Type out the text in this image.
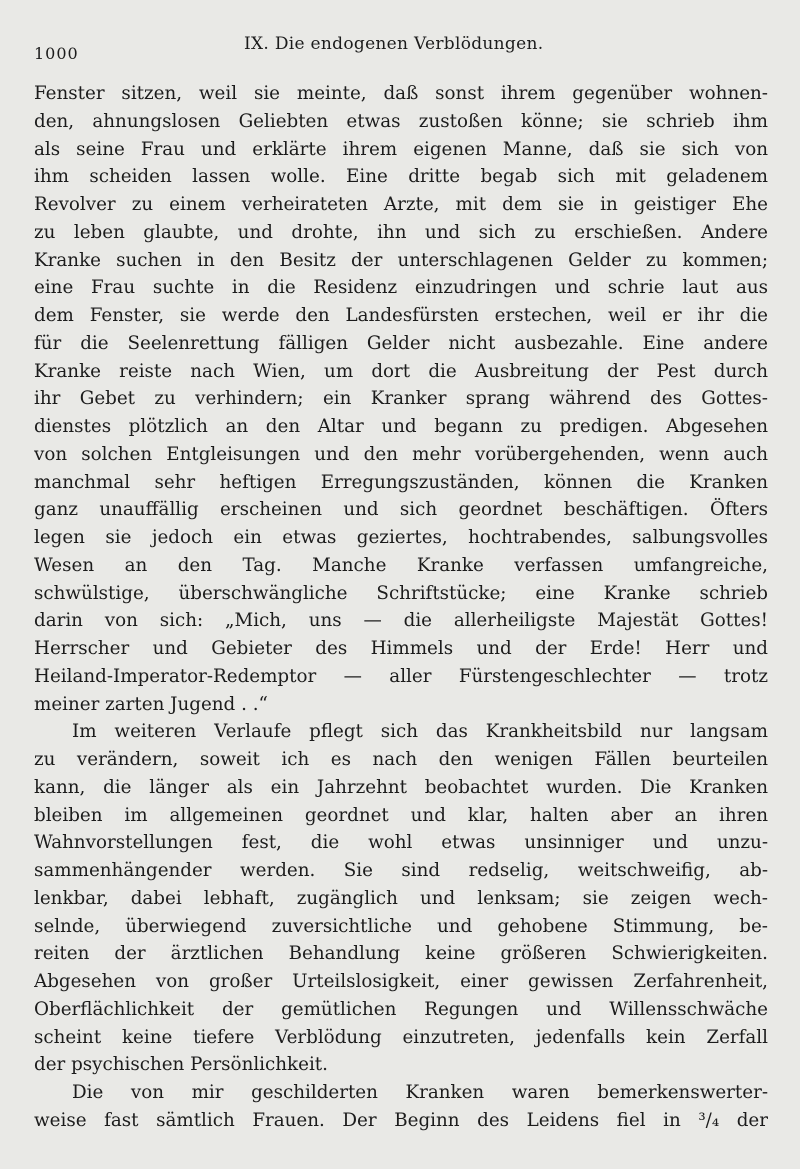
1000	IX. Die endogenen Verblödungen.
Fenster sitzen, weil sie meinte, daß sonst ihrem gegenüber wohnen-
den, ahnungslosen Geliebten etwas zustoßen könne; sie schrieb ihm
als seine Frau und erklärte ihrem eigenen Manne, daß sie sich von
ihm scheiden lassen wolle. Eine dritte begab sich mit geladenem
Revolver zu einem verheirateten Arzte, mit dem sie in geistiger Ehe
zu leben glaubte, und drohte, ihn und sich zu erschießen. Andere
Kranke suchen in den Besitz der unterschlagenen Gelder zu kommen;
eine Frau suchte in die Residenz einzudringen und schrie laut aus
dem Fenster, sie werde den Landesfürsten erstechen, weil er ihr die
für die Seelenrettung fälligen Gelder nicht ausbezahle. Eine andere
Kranke reiste nach Wien, um dort die Ausbreitung der Pest durch
ihr Gebet zu verhindern; ein Kranker sprang während des Gottes-
dienstes plötzlich an den Altar und begann zu predigen. Abgesehen
von solchen Entgleisungen und den mehr vorübergehenden, wenn auch
manchmal sehr heftigen Erregungszuständen, können die Kranken
ganz unauffällig erscheinen und sich geordnet beschäftigen. Öfters
legen sie jedoch ein etwas geziertes, hochtrabendes, salbungsvolles
Wesen an den Tag. Manche Kranke verfassen umfangreiche,
schwülstige, überschwängliche Schriftstücke; eine Kranke schrieb
darin von sich: „Mich, uns — die allerheiligste Majestät Gottes!
Herrscher und Gebieter des Himmels und der Erde! Herr und
Heiland-Imperator-Redemptor — aller Fürstengeschlechter — trotz
meiner zarten Jugend . .“
Im weiteren Verlaufe pflegt sich das Krankheitsbild nur langsam
zu verändern, soweit ich es nach den wenigen Fällen beurteilen
kann, die länger als ein Jahrzehnt beobachtet wurden. Die Kranken
bleiben im allgemeinen geordnet und klar, halten aber an ihren
Wahnvorstellungen fest, die wohl etwas unsinniger und unzu-
sammenhängender werden. Sie sind redselig, weitschweifig, ab-
lenkbar, dabei lebhaft, zugänglich und lenksam; sie zeigen wech-
selnde, überwiegend zuversichtliche und gehobene Stimmung, be-
reiten der ärztlichen Behandlung keine größeren Schwierigkeiten.
Abgesehen von großer Urteilslosigkeit, einer gewissen Zerfahrenheit,
Oberflächlichkeit der gemütlichen Regungen und Willensschwäche
scheint keine tiefere Verblödung einzutreten, jedenfalls kein Zerfall
der psychischen Persönlichkeit.
Die von mir geschilderten Kranken waren bemerkenswerter-
weise fast sämtlich Frauen. Der Beginn des Leidens fiel in ³/₄ der
